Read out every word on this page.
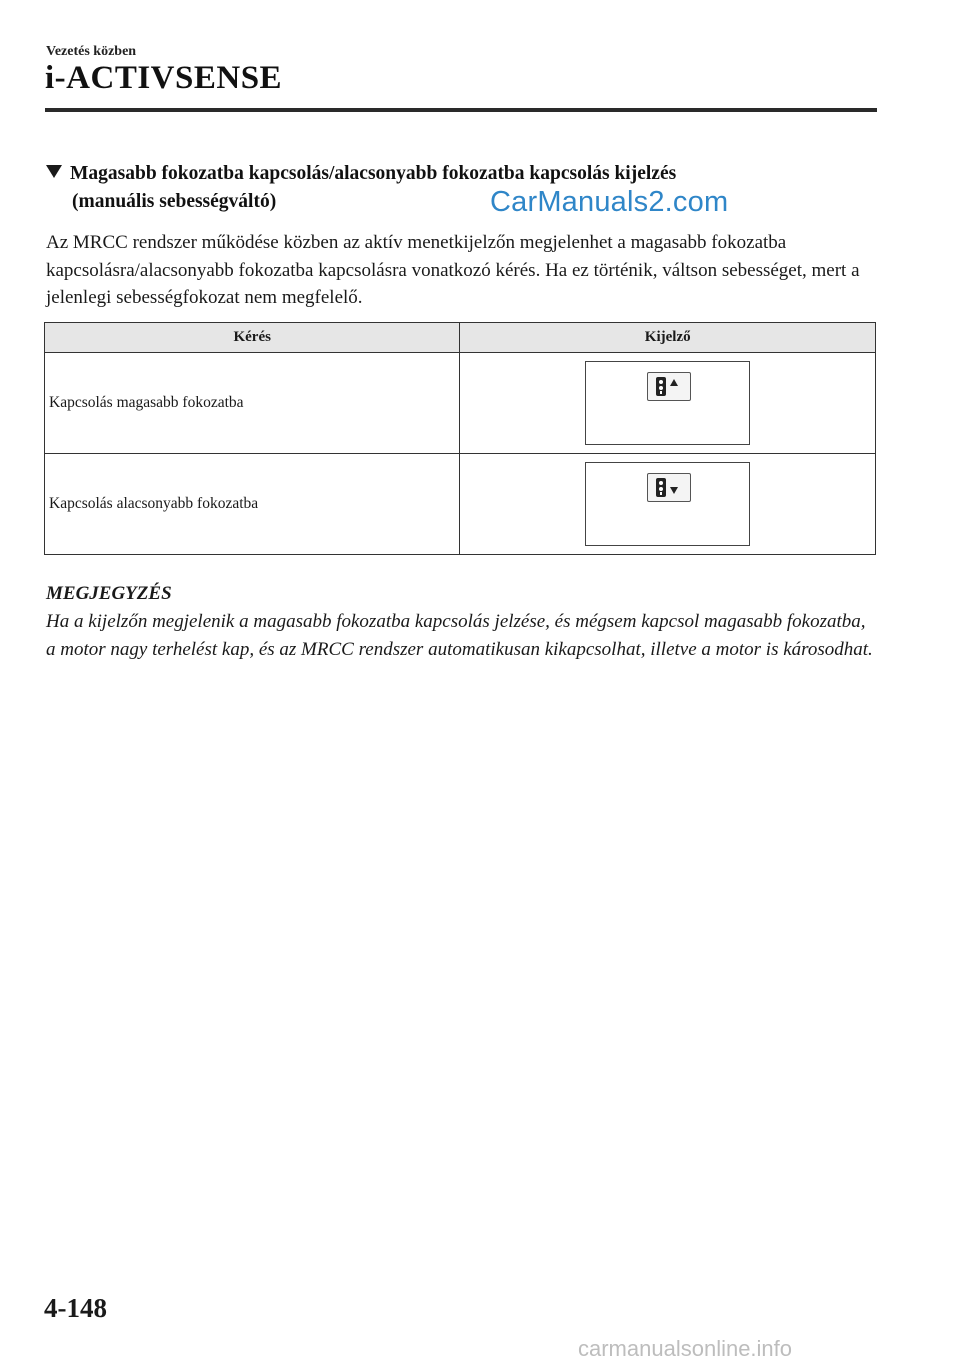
Vezetés közben
i-ACTIVSENSE
Magasabb fokozatba kapcsolás/alacsonyabb fokozatba kapcsolás kijelzés
(manuális sebességváltó)	CarManuals2.com
Az MRCC rendszer működése közben az aktív menetkijelzőn megjelenhet a magasabb fokozatba kapcsolásra/alacsonyabb fokozatba kapcsolásra vonatkozó kérés. Ha ez történik, váltson sebességet, mert a jelenlegi sebességfokozat nem megfelelő.
Kérés	Kijelző
Kapcsolás magasabb fokozatba	

Kapcsolás alacsonyabb fokozatba	
MEGJEGYZÉS
Ha a kijelzőn megjelenik a magasabb fokozatba kapcsolás jelzése, és mégsem kapcsol magasabb fokozatba, a motor nagy terhelést kap, és az MRCC rendszer automatikusan kikapcsolhat, illetve a motor is károsodhat.
4-148
carmanualsonline.info
